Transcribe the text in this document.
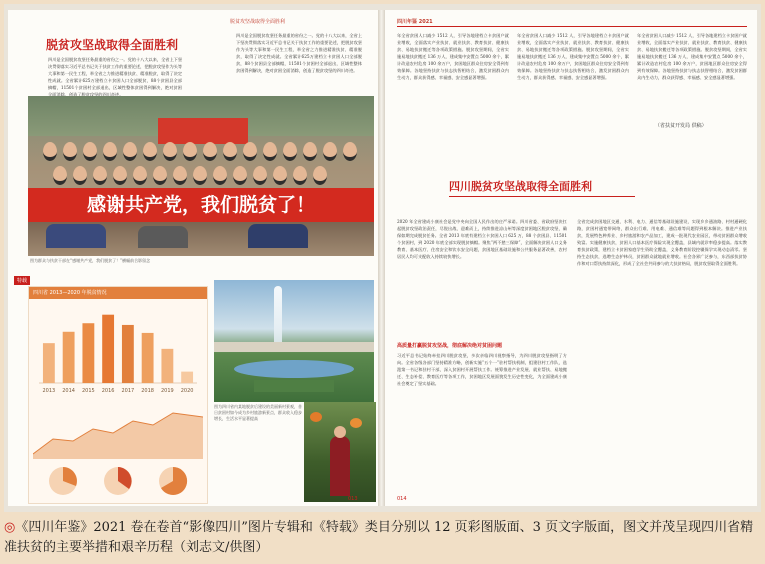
脱贫攻坚战取得全面胜利
脱贫攻坚战取得全面胜利
四川是全国脱贫攻坚任务最重的省份之一。党的十八大以来，全省上下坚决贯彻落实习近平总书记关于扶贫工作的重要论述，把脱贫攻坚作为头等大事和第一民生工程，举全省之力推进精准扶贫、精准脱贫，取得了决定性成就。全省累计625万建档立卡贫困人口全部脱贫，88个贫困县全部摘帽，11501个贫困村全部退出，区域性整体贫困得到解决，绝对贫困全面消除，创造了脱贫攻坚的四川奇迹。
四川是全国脱贫攻坚任务最重的省份之一。党的十八大以来，全省上下坚决贯彻落实习近平总书记关于扶贫工作的重要论述，把脱贫攻坚作为头等大事和第一民生工程，举全省之力推进精准扶贫、精准脱贫，取得了决定性成就。全省累计625万建档立卡贫困人口全部脱贫，88个贫困县全部摘帽，11501个贫困村全部退出，区域性整体贫困得到解决，绝对贫困全面消除，创造了脱贫攻坚的四川奇迹。
感谢共产党，我们脱贫了！
图为群众与扶贫干部在“感谢共产党，我们脱贫了！”横幅前合影留念
特载
四川省 2013—2020 年脱贫情况
2013 2014 2015 2016 2017 2018 2019 2020
图为四川省内某地脱贫后建设的美丽新村景观，昔日贫困村如今成为乡村旅游新景点，群众收入稳步增长，生活水平显著提高
013
四川年鉴 2021
年全省贫困人口减少 1512 人，引导各地建档立卡贫困户就业增收，全面落实产业扶贫、就业扶贫、教育扶贫、健康扶贫、易地扶贫搬迁等各项政策措施。脱贫攻坚期间，全省实施易地扶贫搬迁 136 万人，建成集中安置点 5000 余个，累计改造农村危房 100 余万户，贫困地区群众住房安全得到有效保障。各地坚持扶贫与扶志扶智相结合，激发贫困群众内生动力，群众获得感、幸福感、安全感显著增强。
年全省贫困人口减少 1512 人，引导各地建档立卡贫困户就业增收，全面落实产业扶贫、就业扶贫、教育扶贫、健康扶贫、易地扶贫搬迁等各项政策措施。脱贫攻坚期间，全省实施易地扶贫搬迁 136 万人，建成集中安置点 5000 余个，累计改造农村危房 100 余万户，贫困地区群众住房安全得到有效保障。各地坚持扶贫与扶志扶智相结合，激发贫困群众内生动力，群众获得感、幸福感、安全感显著增强。
年全省贫困人口减少 1512 人，引导各地建档立卡贫困户就业增收，全面落实产业扶贫、就业扶贫、教育扶贫、健康扶贫、易地扶贫搬迁等各项政策措施。脱贫攻坚期间，全省实施易地扶贫搬迁 136 万人，建成集中安置点 5000 余个，累计改造农村危房 100 余万户，贫困地区群众住房安全得到有效保障。各地坚持扶贫与扶志扶智相结合，激发贫困群众内生动力，群众获得感、幸福感、安全感显著增强。
（省扶贫开发局 供稿）
四川脱贫攻坚战取得全面胜利
2020 年全省建成小康社会是党中央向全国人民作出的庄严承诺。四川省委、省政府坚决扛起脱贫攻坚政治责任，尽锐出战、迎难而上，持续推进凉山州等深度贫困地区脱贫攻坚，确保如期完成脱贫任务。全省 2013 年底有建档立卡贫困人口 625 万，88 个贫困县、11501 个贫困村，到 2020 年底全部实现脱贫摘帽。聚焦“两不愁三保障”，全面解决贫困人口义务教育、基本医疗、住房安全和饮水安全问题，贫困地区基础设施和公共服务显著改善，农村居民人均可支配收入持续较快增长。
高质量打赢脱贫攻坚战，彻底解决绝对贫困问题
习近平总书记始终牵挂四川脱贫攻坚，多次亲临四川视察指导，为四川脱贫攻坚指明了方向。全省各级各部门坚持精准方略，创新实施“五个一”驻村帮扶机制，组建驻村工作队，选派第一书记和驻村干部，深入贫困村开展帮扶工作。统筹推进产业发展、就业帮扶、易地搬迁、生态补偿、教育医疗等各项工作，贫困地区发展面貌发生历史性变化，为全面建成小康社会奠定了坚实基础。
全省完成贫困地区交通、水利、电力、通信等基础设施建设，实现乡乡通油路、村村通硬化路，贫困村通宽带网络，群众出行难、用电难、通信难等问题得到根本解决。推进产业扶贫，发展特色种养业、乡村旅游和农产品加工，建成一批现代农业园区，带动贫困群众增收致富。实施健康扶贫，贫困人口基本医疗保险实现全覆盖，县域内就诊率稳步提高。落实教育扶贫政策，建档立卡贫困家庭学生资助全覆盖，义务教育阶段控辍保学实现动态清零。坚持生态扶贫，选聘生态护林员，贫困群众就地就业增收。社会各界广泛参与，东西部扶贫协作和对口帮扶持续深化，形成了全社会共同参与的大扶贫格局，脱贫攻坚取得全面胜利。
014
◎《四川年鉴》2021 卷在卷首“影像四川”图片专辑和《特载》类目分别以 12 页彩图版面、3 页文字版面，图文并茂呈现四川省精准扶贫的主要举措和艰辛历程（刘志文/供图）
